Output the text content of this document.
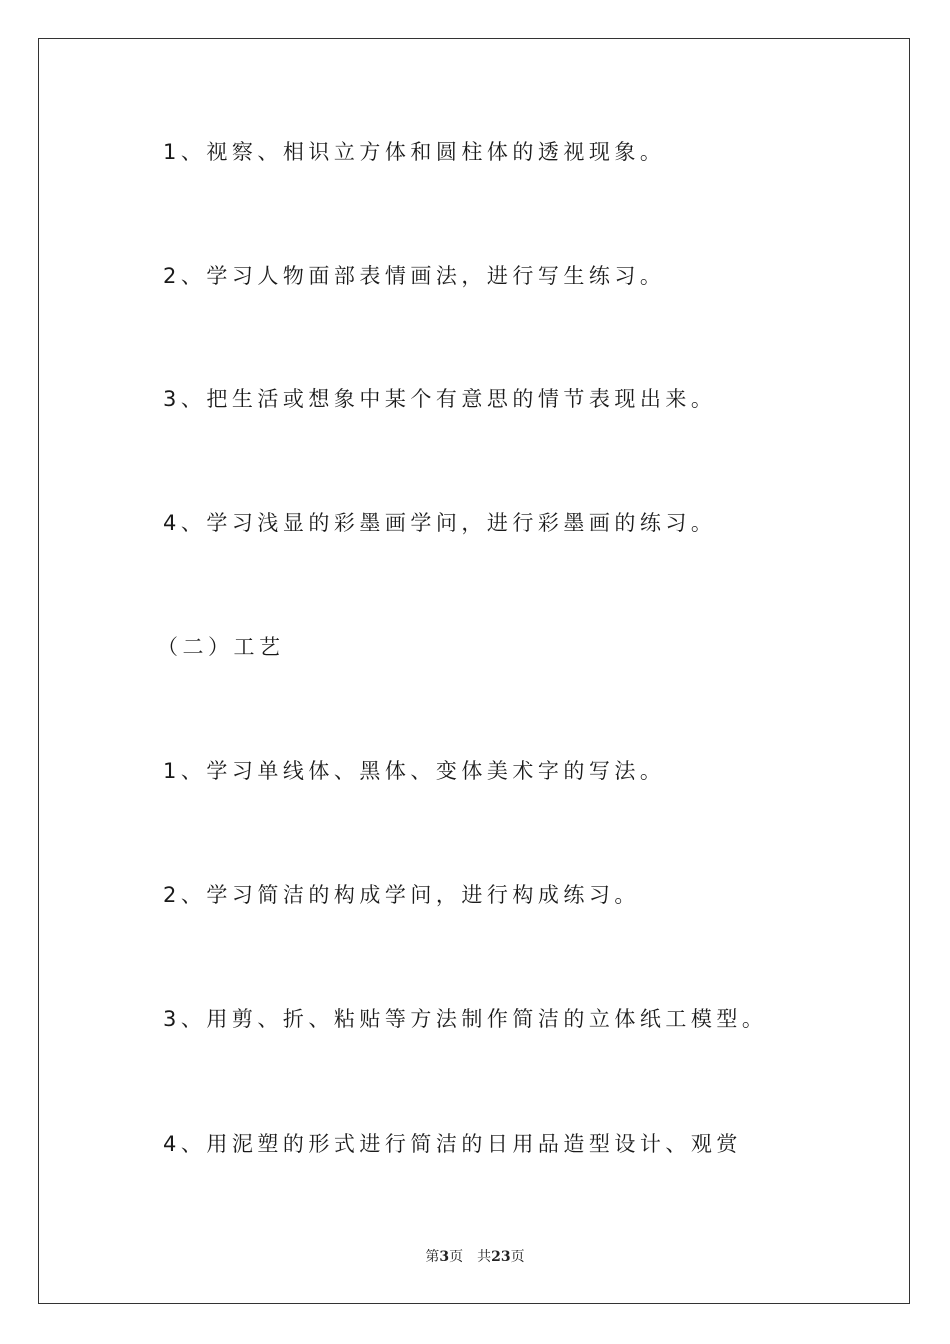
1、视察、相识立方体和圆柱体的透视现象。
2、学习人物面部表情画法，进行写生练习。
3、把生活或想象中某个有意思的情节表现出来。
4、学习浅显的彩墨画学问，进行彩墨画的练习。
（二）工艺
1、学习单线体、黑体、变体美术字的写法。
2、学习简洁的构成学问，进行构成练习。
3、用剪、折、粘贴等方法制作简洁的立体纸工模型。
4、用泥塑的形式进行简洁的日用品造型设计、观赏
第3页 共23页
